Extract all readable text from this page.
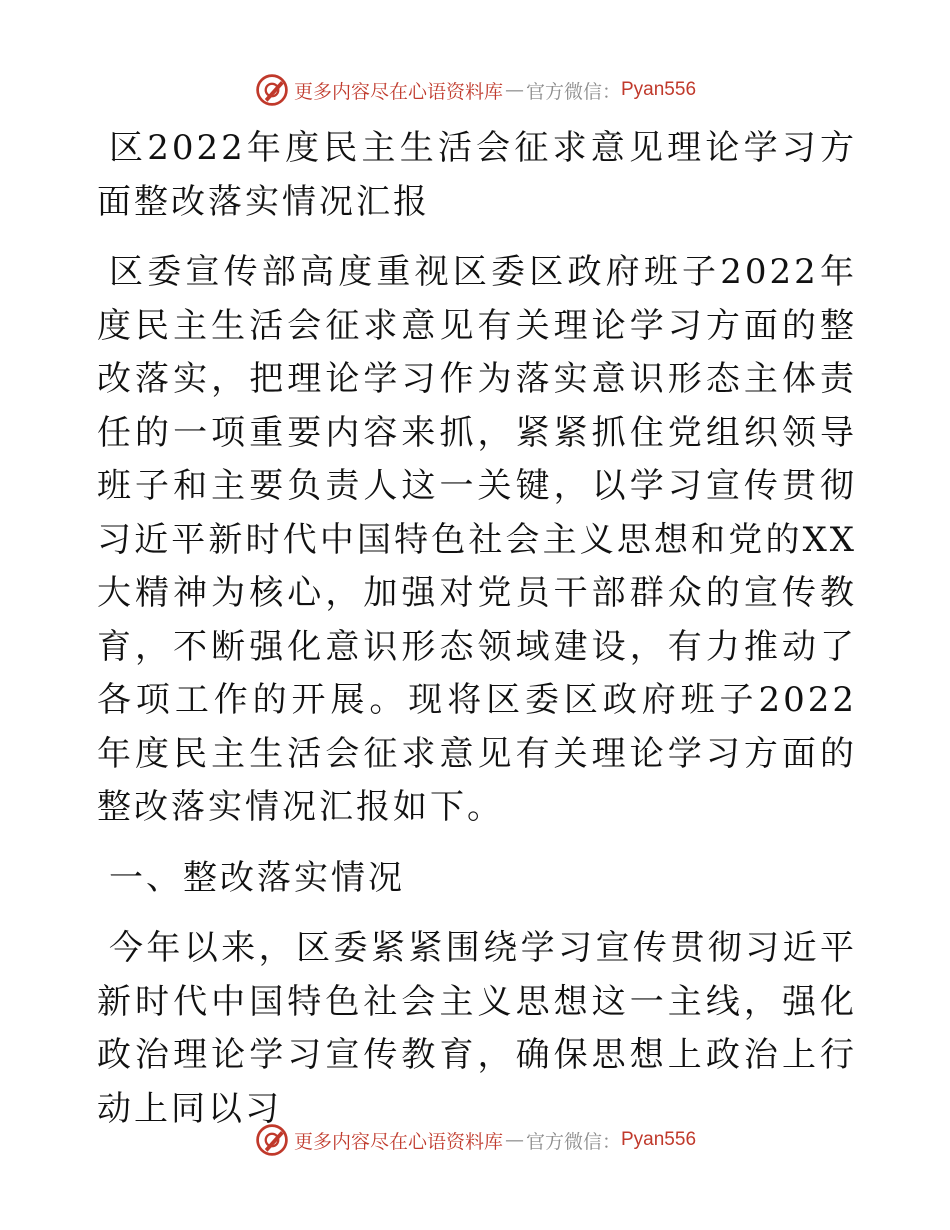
更多内容尽在心语资料库 — 官方微信： Pyan556

区2022年度民主生活会征求意见理论学习方面整改落实情况汇报

区委宣传部高度重视区委区政府班子2022年度民主生活会征求意见有关理论学习方面的整改落实，把理论学习作为落实意识形态主体责任的一项重要内容来抓，紧紧抓住党组织领导班子和主要负责人这一关键，以学习宣传贯彻习近平新时代中国特色社会主义思想和党的XX大精神为核心，加强对党员干部群众的宣传教育，不断强化意识形态领域建设，有力推动了各项工作的开展。现将区委区政府班子2022年度民主生活会征求意见有关理论学习方面的整改落实情况汇报如下。

一、整改落实情况

今年以来，区委紧紧围绕学习宣传贯彻习近平新时代中国特色社会主义思想这一主线，强化政治理论学习宣传教育，确保思想上政治上行动上同以习

更多内容尽在心语资料库 — 官方微信： Pyan556
